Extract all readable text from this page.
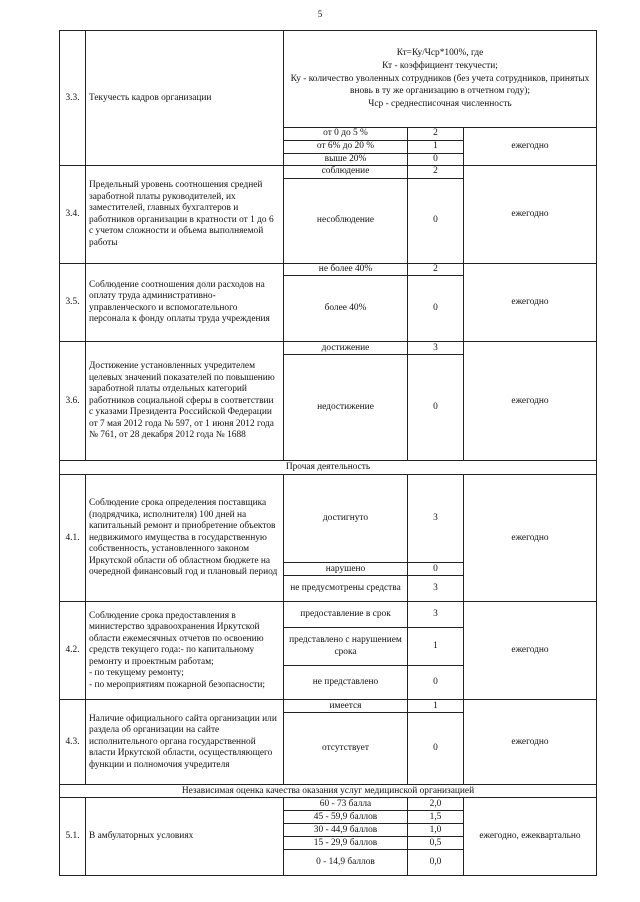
5
3.3.	Текучесть кадров организации	Кт=Ку/Чср*100%, где
Кт - коэффициент текучести;
Ку - количество уволенных сотрудников (без учета сотрудников, принятых вновь в ту же организацию в отчетном году);
Чср - среднесписочная численность		

		от 0 до 5 %	2	ежегодно
		от 6% до 20 %	1	
		выше 20%	0	
3.4.	Предельный уровень соотношения средней заработной платы руководителей, их заместителей, главных бухгалтеров и работников организации в кратности от 1 до 6 с учетом сложности и объема выполняемой работы	соблюдение	2	ежегодно
		несоблюдение	0	
3.5.	Соблюдение соотношения доли расходов на оплату труда административно-управленческого и вспомогательного персонала к фонду оплаты труда учреждения	не более 40%	2	ежегодно
		более 40%	0	
3.6.	Достижение установленных учредителем целевых значений показателей по повышению заработной платы отдельных категорий работников социальной сферы в соответствии с указами Президента Российской Федерации от 7 мая 2012 года № 597, от 1 июня 2012 года № 761, от 28 декабря 2012 года № 1688	достижение	3	ежегодно
		недостижение	0	
Прочая деятельность				
4.1.	Соблюдение срока определения поставщика (подрядчика, исполнителя) 100 дней на капитальный ремонт и приобретение объектов недвижимого имущества в государственную собственность, установленного законом Иркутской области об областном бюджете на очередной финансовый год и плановый период	достигнуто	3	ежегодно
		нарушено	0	
		не предусмотрены средства	3	
4.2.	Соблюдение срока предоставления в министерство здравоохранения Иркутской области ежемесячных отчетов по освоению средств текущего года:- по капитальному ремонту и проектным работам;
- по текущему ремонту;
- по мероприятиям пожарной безопасности;	предоставление в срок	3	ежегодно
		представлено с нарушением срока	1	
		не представлено	0	
4.3.	Наличие официального сайта организации или раздела об организации на сайте исполнительного органа государственной власти Иркутской области, осуществляющего функции и полномочия учредителя	имеется	1	ежегодно
		отсутствует	0	
Независимая оценка качества оказания услуг медицинской организацией				
5.1.	В амбулаторных условиях	60 - 73 балла	2,0	ежегодно, ежеквартально
		45 - 59,9 баллов	1,5	
		30 - 44,9 баллов	1,0	
		15 - 29,9 баллов	0,5	
		0 - 14,9 баллов	0,0	
